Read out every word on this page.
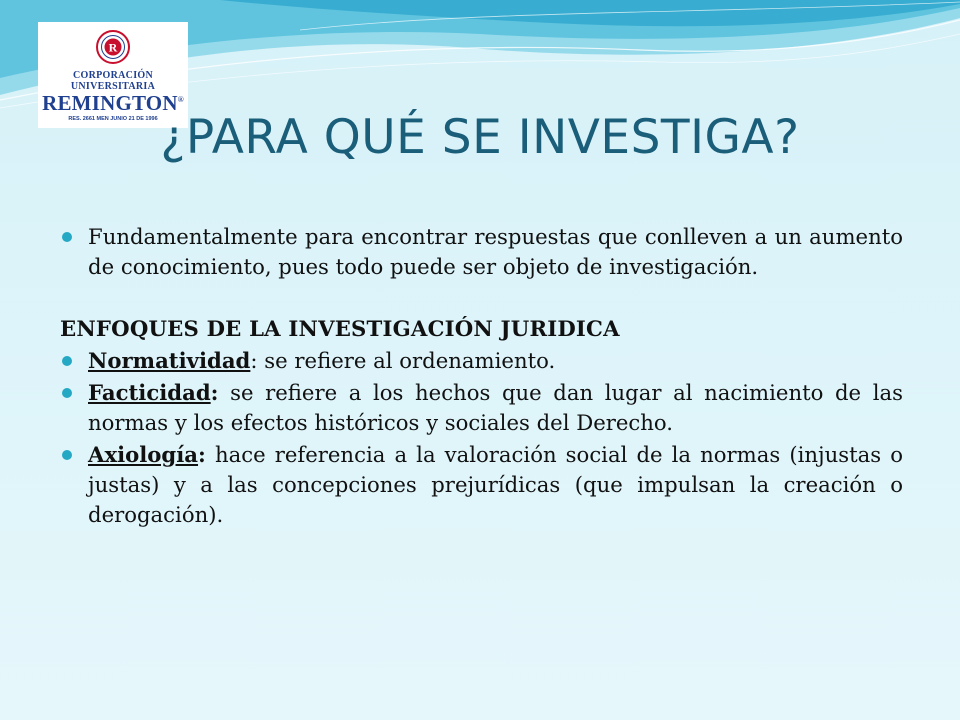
R
CORPORACIÓN
UNIVERSITARIA
REMINGTON®
RES. 2661 MEN JUNIO 21 DE 1996 ¿PARA QUÉ SE INVESTIGA?
Fundamentalmente para encontrar respuestas que conlleven a un aumento de conocimiento, pues todo puede ser objeto de investigación.
ENFOQUES DE LA INVESTIGACIÓN JURIDICA
Normatividad: se refiere al ordenamiento.
Facticidad: se refiere a los hechos que dan lugar al nacimiento de las normas y los efectos históricos y sociales del Derecho.
Axiología: hace referencia a la valoración social de la normas (injustas o justas) y a las concepciones prejurídicas (que impulsan la creación o derogación).
